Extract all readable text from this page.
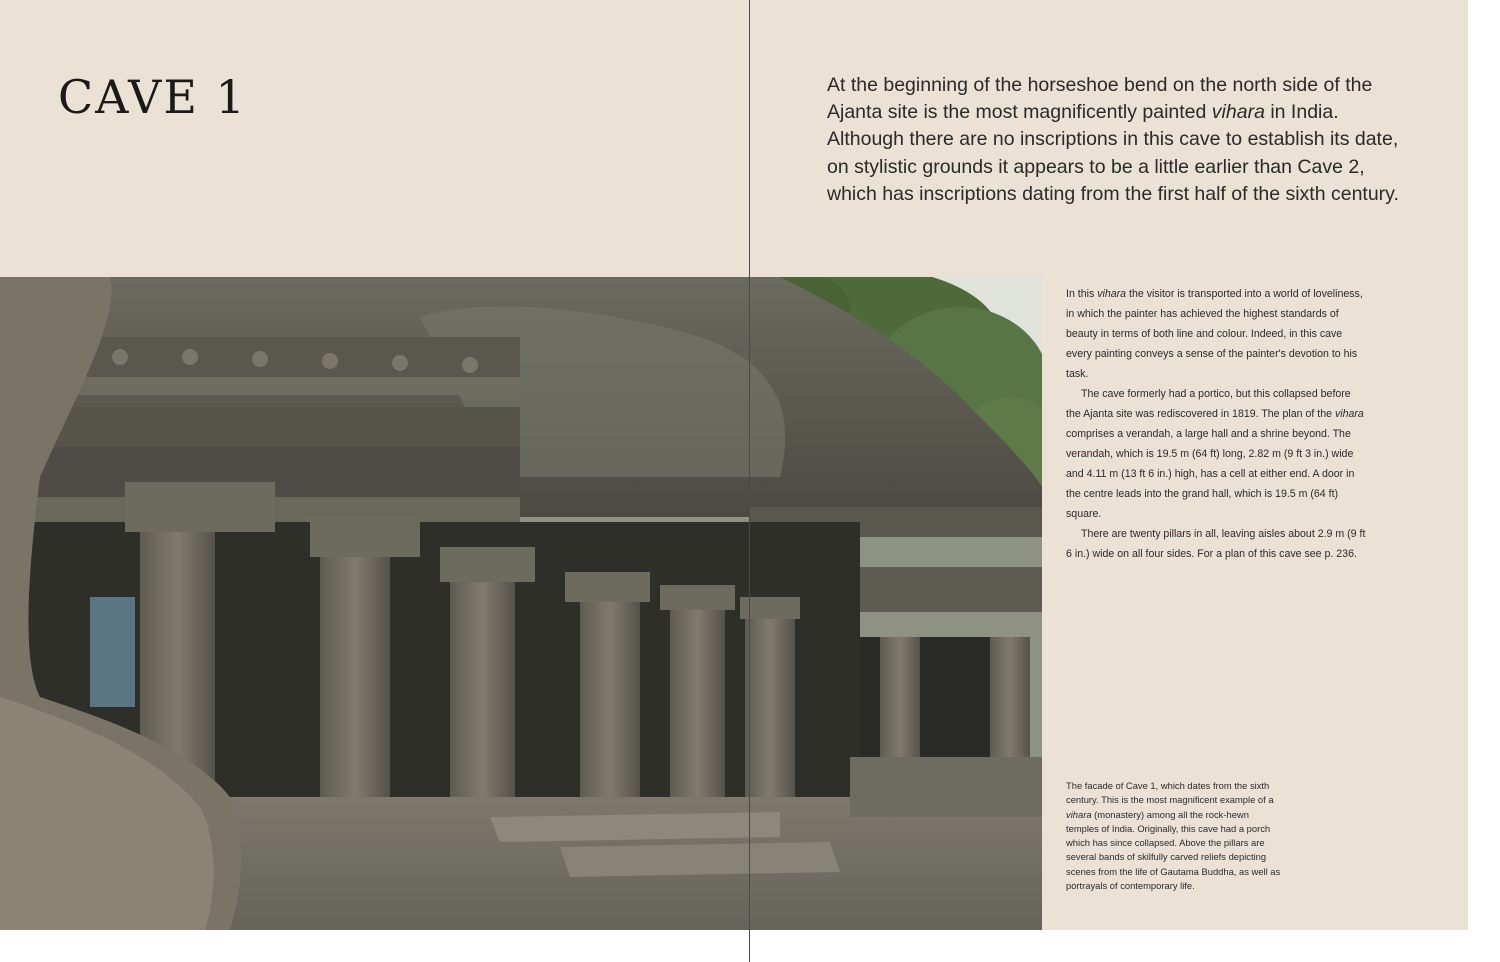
CAVE 1	At the beginning of the horseshoe bend on the north side of the Ajanta site is the most magnificently painted vihara in India. Although there are no inscriptions in this cave to establish its date, on stylistic grounds it appears to be a little earlier than Cave 2, which has inscriptions dating from the first half of the sixth century.

In this vihara the visitor is transported into a world of loveliness, in which the painter has achieved the highest standards of beauty in terms of both line and colour. Indeed, in this cave every painting conveys a sense of the painter's devotion to his task.

The cave formerly had a portico, but this collapsed before the Ajanta site was rediscovered in 1819. The plan of the vihara comprises a verandah, a large hall and a shrine beyond. The verandah, which is 19.5 m (64 ft) long, 2.82 m (9 ft 3 in.) wide and 4.11 m (13 ft 6 in.) high, has a cell at either end. A door in the centre leads into the grand hall, which is 19.5 m (64 ft) square.

There are twenty pillars in all, leaving aisles about 2.9 m (9 ft 6 in.) wide on all four sides. For a plan of this cave see p. 236.

The facade of Cave 1, which dates from the sixth century. This is the most magnificent example of a vihara (monastery) among all the rock-hewn temples of India. Originally, this cave had a porch which has since collapsed. Above the pillars are several bands of skilfully carved reliefs depicting scenes from the life of Gautama Buddha, as well as portrayals of contemporary life.
